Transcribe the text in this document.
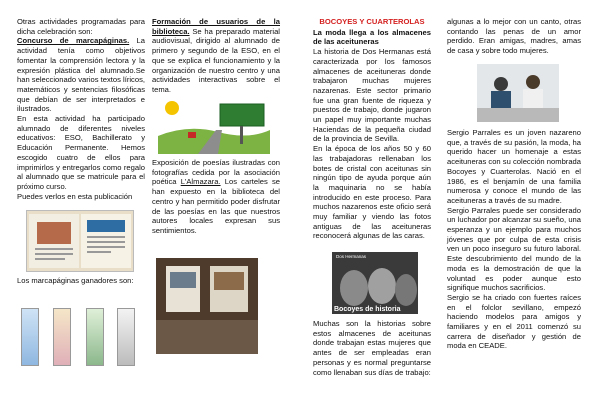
Otras actividades programadas para dicha celebración son:

Concurso de marcapáginas. La actividad tenía como objetivos fomentar la comprensión lectora y la expresión plástica del alumnado.Se han seleccionado varios textos líricos, matemáticos y sentencias filosóficas que debían de ser interpretados e ilustrados.

En esta actividad ha participado alumnado de diferentes niveles educativos: ESO, Bachillerato y Educación Permanente. Hemos escogido cuatro de ellos para imprimirlos y entregarlos como regalo al alumnado que se matricule para el próximo curso.

Puedes verlos en esta publicación

Los marcapáginas ganadores son:

Formación de usuarios de la biblioteca. Se ha preparado material audiovisual, dirigido al alumnado de primero y segundo de la ESO, en el que se explica el funcionamiento y la organización de nuestro centro y una actividades interactivas sobre el tema.

Exposición de poesías ilustradas con fotografías cedida por la asociación poética L'Almazara. Los carteles se han expuesto en la biblioteca del centro y han permitido poder disfrutar de las poesías en las que nuestros autores locales expresan sus sentimientos.

BOCOYES Y CUARTEROLAS

La moda llega a los almacenes de las aceituneras

La historia de Dos Hermanas está caracterizada por los famosos almacenes de aceituneras donde trabajaron muchas mujeres nazarenas. Este sector primario fue una gran fuente de riqueza y puestos de trabajo, donde jugaron un papel muy importante muchas Haciendas de la pequeña ciudad de la provincia de Sevilla.

En la época de los años 50 y 60 las trabajadoras rellenaban los botes de cristal con aceitunas sin ningún tipo de ayuda porque aún la maquinaria no se había introducido en este proceso. Para muchos nazarenos este oficio será muy familiar y viendo las fotos antiguas de las aceituneras reconocerá algunas de las caras.

Dos Hermanas
Bocoyes de historia

Muchas son la historias sobre estos almacenes de aceitunas donde trabajan estas mujeres que antes de ser empleadas eran personas y es normal preguntarse como llenaban sus días de trabajo:

algunas a lo mejor con un canto, otras contando las penas de un amor perdido. Eran amigas, madres, amas de casa y sobre todo mujeres.

Sergio Parrales es un joven nazareno que, a través de su pasión, la moda, ha querido hacer un homenaje a estas aceituneras con su colección nombrada Bocoyes y Cuarterolas. Nació en el 1986, es el benjamín de una familia numerosa y conoce el mundo de las aceituneras a través de su madre.

Sergio Parrales puede ser considerado un luchador por alcanzar su sueño, una esperanza y un ejemplo para muchos jóvenes que por culpa de esta crisis ven un poco inseguro su futuro laboral. Este descubrimiento del mundo de la moda es la demostración de que la voluntad es poder aunque esto signifique muchos sacrificios.

Sergio se ha criado con fuertes raíces en el folclor sevillano, empezó haciendo modelos para amigos y familiares y en el 2011 comenzó su carrera de diseñador y gestión de moda en CEADE.
